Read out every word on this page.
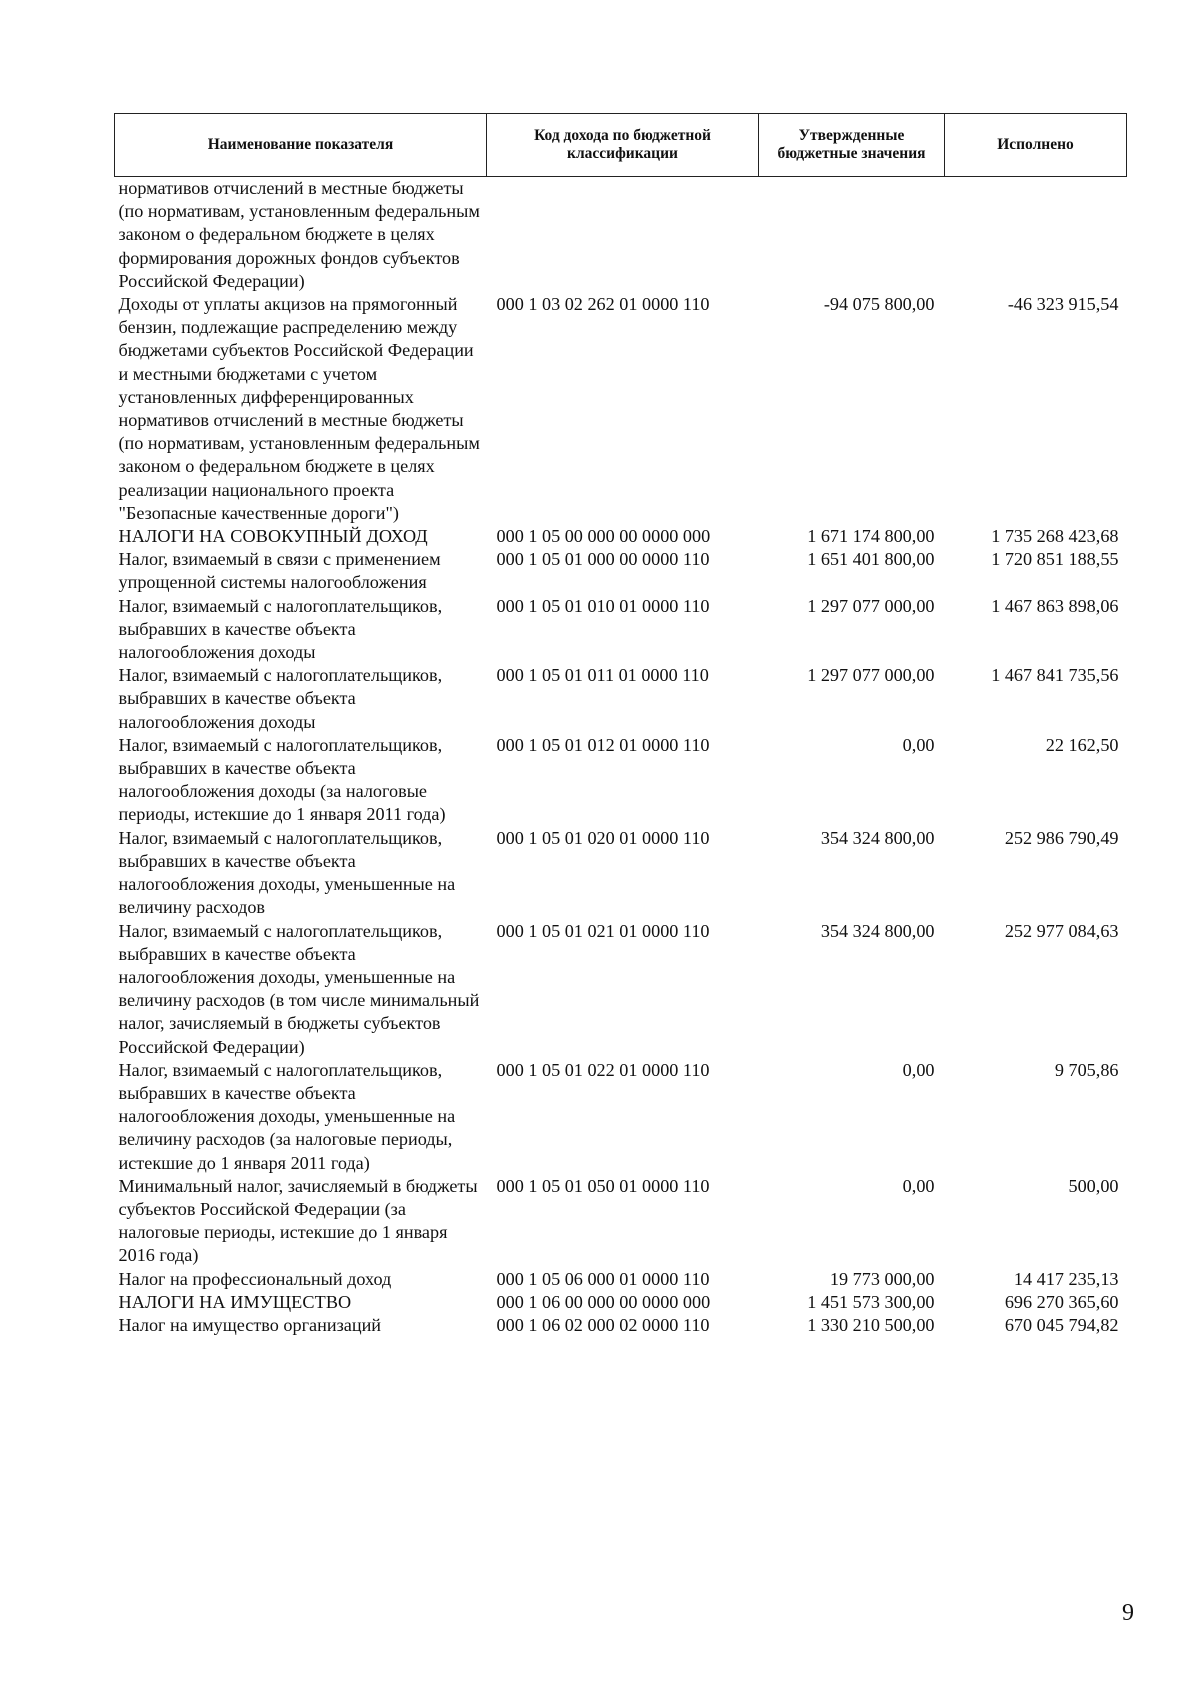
Наименование показателя	Код дохода по бюджетной классификации	Утвержденные бюджетные значения	Исполнено
нормативов отчислений в местные бюджеты (по нормативам, установленным федеральным законом о федеральном бюджете в целях формирования дорожных фондов субъектов Российской Федерации)			
Доходы от уплаты акцизов на прямогонный бензин, подлежащие распределению между бюджетами субъектов Российской Федерации и местными бюджетами с учетом установленных дифференцированных нормативов отчислений в местные бюджеты (по нормативам, установленным федеральным законом о федеральном бюджете в целях реализации национального проекта "Безопасные качественные дороги")	000 1 03 02 262 01 0000 110	-94 075 800,00	-46 323 915,54
НАЛОГИ НА СОВОКУПНЫЙ ДОХОД	000 1 05 00 000 00 0000 000	1 671 174 800,00	1 735 268 423,68
Налог, взимаемый в связи с применением упрощенной системы налогообложения	000 1 05 01 000 00 0000 110	1 651 401 800,00	1 720 851 188,55
Налог, взимаемый с налогоплательщиков, выбравших в качестве объекта налогообложения доходы	000 1 05 01 010 01 0000 110	1 297 077 000,00	1 467 863 898,06
Налог, взимаемый с налогоплательщиков, выбравших в качестве объекта налогообложения доходы	000 1 05 01 011 01 0000 110	1 297 077 000,00	1 467 841 735,56
Налог, взимаемый с налогоплательщиков, выбравших в качестве объекта налогообложения доходы (за налоговые периоды, истекшие до 1 января 2011 года)	000 1 05 01 012 01 0000 110	0,00	22 162,50
Налог, взимаемый с налогоплательщиков, выбравших в качестве объекта налогообложения доходы, уменьшенные на величину расходов	000 1 05 01 020 01 0000 110	354 324 800,00	252 986 790,49
Налог, взимаемый с налогоплательщиков, выбравших в качестве объекта налогообложения доходы, уменьшенные на величину расходов (в том числе минимальный налог, зачисляемый в бюджеты субъектов Российской Федерации)	000 1 05 01 021 01 0000 110	354 324 800,00	252 977 084,63
Налог, взимаемый с налогоплательщиков, выбравших в качестве объекта налогообложения доходы, уменьшенные на величину расходов (за налоговые периоды, истекшие до 1 января 2011 года)	000 1 05 01 022 01 0000 110	0,00	9 705,86
Минимальный налог, зачисляемый в бюджеты субъектов Российской Федерации (за налоговые периоды, истекшие до 1 января 2016 года)	000 1 05 01 050 01 0000 110	0,00	500,00
Налог на профессиональный доход	000 1 05 06 000 01 0000 110	19 773 000,00	14 417 235,13
НАЛОГИ НА ИМУЩЕСТВО	000 1 06 00 000 00 0000 000	1 451 573 300,00	696 270 365,60
Налог на имущество организаций	000 1 06 02 000 02 0000 110	1 330 210 500,00	670 045 794,82
9
